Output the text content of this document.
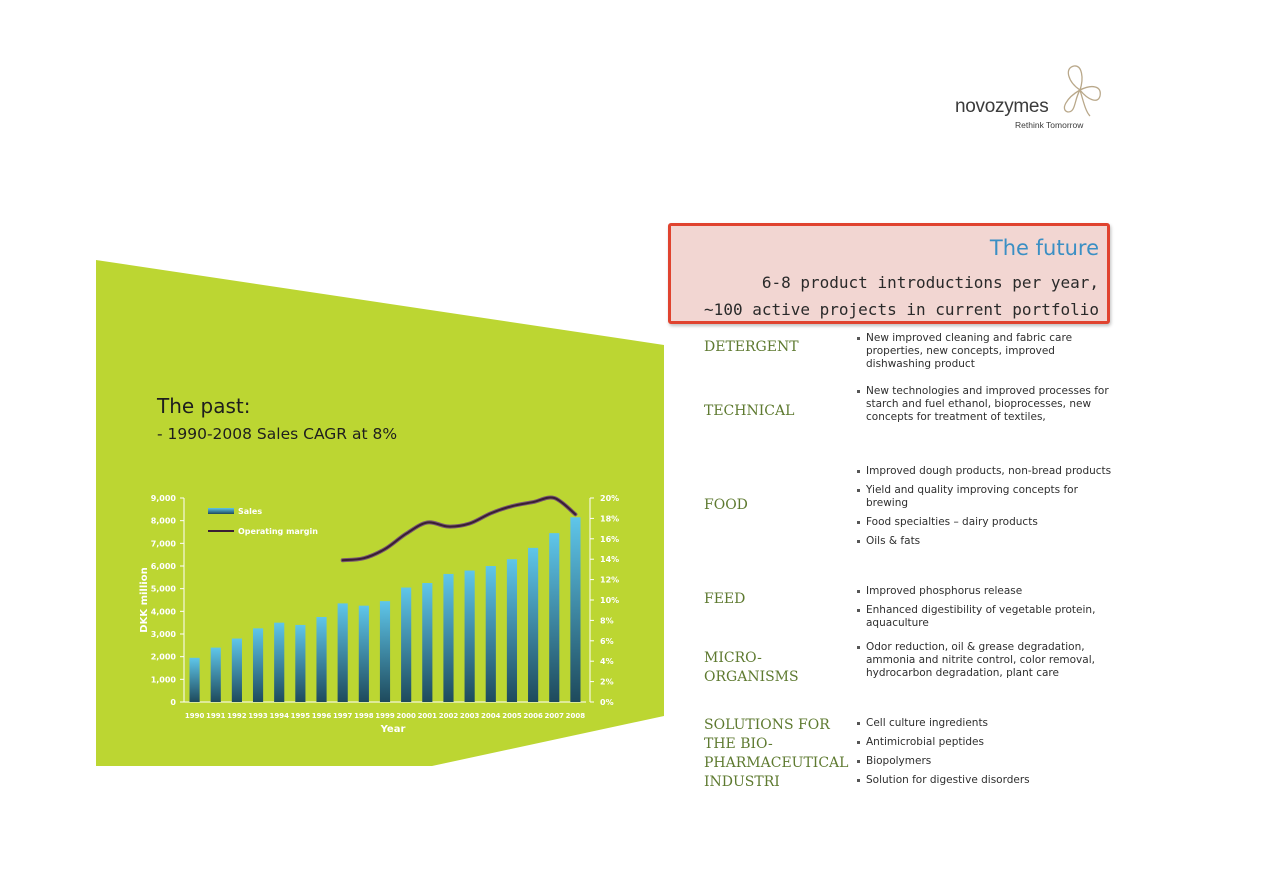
novozymes
Rethink Tomorrow
The past:
- 1990-2008 Sales CAGR at 8%
0
1,000
2,000
3,000
4,000
5,000
6,000
7,000
8,000
9,000
0%
2%
4%
6%
8%
10%
12%
14%
16%
18%
20%
1990 1991 1992 1993 1994 1995 1996 1997 1998 1999 2000 2001 2002 2003 2004 2005 2006 2007 2008
Year
DKK million
Sales
Operating margin
The future
6-8 product introductions per year,
~100 active projects in current portfolio
DETERGENT
New improved cleaning and fabric care properties, new concepts, improved dishwashing product
TECHNICAL
New technologies and improved processes for starch and fuel ethanol, bioprocesses, new concepts for treatment of textiles,
FOOD
Improved dough products, non-bread products
Yield and quality improving concepts for brewing
Food specialties – dairy products
Oils & fats
FEED	Improved phosphorus release
Enhanced digestibility of vegetable protein, aquaculture
MICRO-
ORGANISMS
Odor reduction, oil & grease degradation, ammonia and nitrite control, color removal, hydrocarbon degradation, plant care
SOLUTIONS FOR THE BIO-PHARMACEUTICAL INDUSTRI
Cell culture ingredients
Antimicrobial peptides
Biopolymers
Solution for digestive disorders
